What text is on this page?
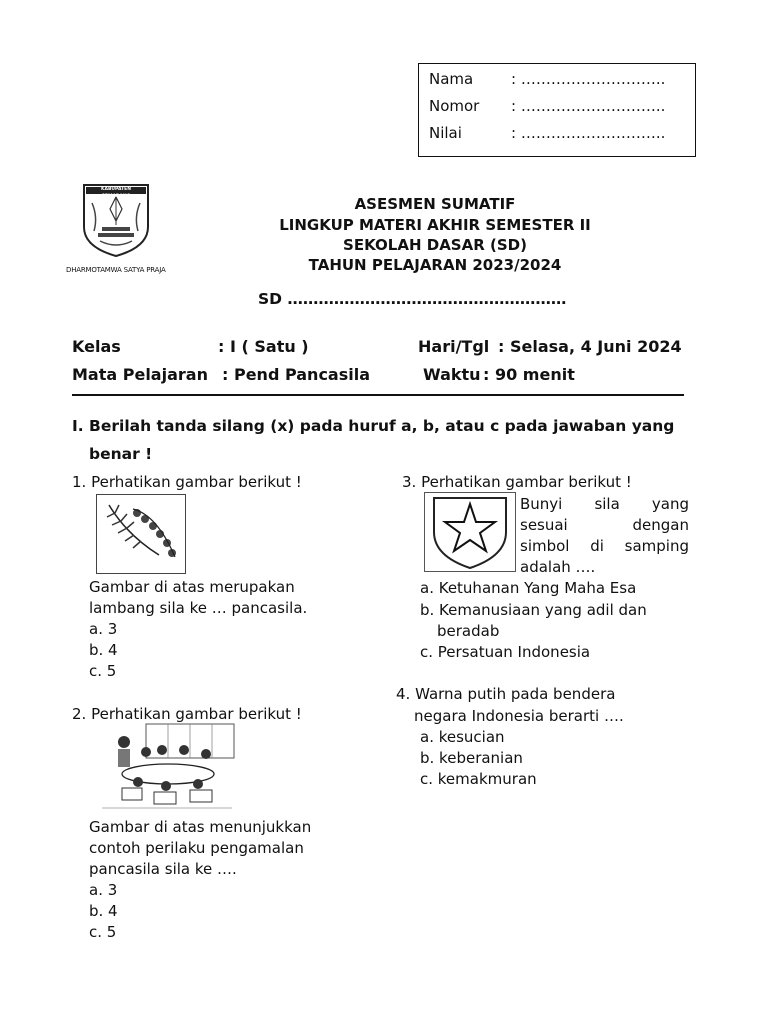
Nama	: ………………………..
Nomor : ………………………..
Nilai	: ………………………..
KABUPATEN SEMARANG
DHARMOTAMWA SATYA PRAJA
ASESMEN SUMATIF
LINGKUP MATERI AKHIR SEMESTER II
SEKOLAH DASAR (SD)
TAHUN PELAJARAN 2023/2024
SD ………………………………………………
Kelas	: I ( Satu )	Hari/Tgl : Selasa, 4 Juni 2024
Mata Pelajaran : Pend Pancasila	Waktu : 90 menit
I. Berilah tanda silang (x) pada huruf a, b, atau c pada jawaban yang
benar !
1. Perhatikan gambar berikut !
Gambar di atas merupakan
lambang sila ke … pancasila.
a. 3
b. 4
c. 5
2. Perhatikan gambar berikut !
Gambar di atas menunjukkan
contoh perilaku pengamalan
pancasila sila ke ….
a. 3
b. 4
c. 5
3. Perhatikan gambar berikut !
Bunyi sila yang
sesuai dengan
simbol di samping
adalah ….
a. Ketuhanan Yang Maha Esa
b. Kemanusiaan yang adil dan
beradab
c. Persatuan Indonesia
4. Warna putih pada bendera
negara Indonesia berarti ….
a. kesucian
b. keberanian
c. kemakmuran
